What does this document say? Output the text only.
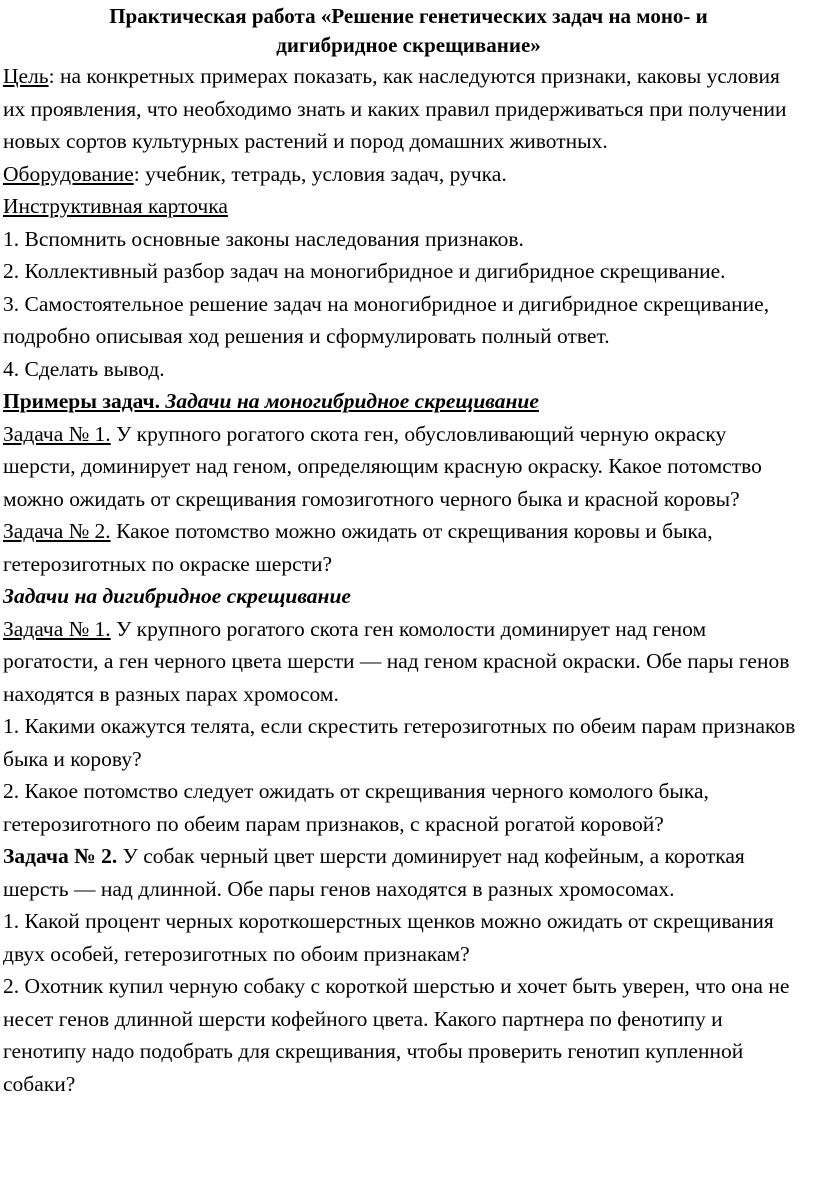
Практическая работа «Решение генетических задач на моно- и
дигибридное скрещивание»

Цель: на конкретных примерах показать, как наследуются признаки, каковы условия их проявления, что необходимо знать и каких правил придерживаться при получении новых сортов культурных растений и пород домашних животных.

Оборудование: учебник, тетрадь, условия задач, ручка.

Инструктивная карточка

1. Вспомнить основные законы наследования признаков.

2. Коллективный разбор задач на моногибридное и дигибридное скрещивание.

3. Самостоятельное решение задач на моногибридное и дигибридное скрещивание, подробно описывая ход решения и сформулировать полный ответ.

4. Сделать вывод.

Примеры задач. Задачи на моногибридное скрещивание

Задача № 1. У крупного рогатого скота ген, обусловливающий черную окраску шерсти, доминирует над геном, определяющим красную окраску. Какое потомство можно ожидать от скрещивания гомозиготного черного быка и красной коровы?

Задача № 2. Какое потомство можно ожидать от скрещивания коровы и быка, гетерозиготных по окраске шерсти?

Задачи на дигибридное скрещивание

Задача № 1. У крупного рогатого скота ген комолости доминирует над геном рогатости, а ген черного цвета шерсти — над геном красной окраски. Обе пары генов находятся в разных парах хромосом.

1. Какими окажутся телята, если скрестить гетерозиготных по обеим парам признаков быка и корову?

2. Какое потомство следует ожидать от скрещивания черного комолого быка, гетерозиготного по обеим парам признаков, с красной рогатой коровой?

Задача № 2. У собак черный цвет шерсти доминирует над кофейным, а короткая шерсть — над длинной. Обе пары генов находятся в разных хромосомах.

1. Какой процент черных короткошерстных щенков можно ожидать от скрещивания двух особей, гетерозиготных по обоим признакам?

2. Охотник купил черную собаку с короткой шерстью и хочет быть уверен, что она не несет генов длинной шерсти кофейного цвета. Какого партнера по фенотипу и генотипу надо подобрать для скрещивания, чтобы проверить генотип купленной собаки?
